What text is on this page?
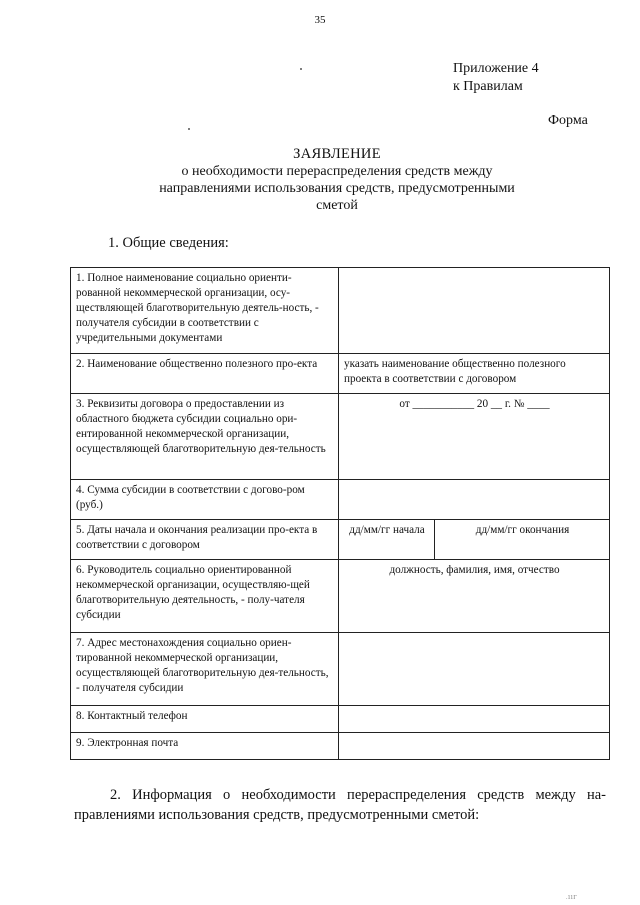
35
Приложение 4
к Правилам
Форма
ЗАЯВЛЕНИЕ
о необходимости перераспределения средств между
направлениями использования средств, предусмотренными
сметой
1. Общие сведения:
1. Полное наименование социально ориенти-рованной некоммерческой организации, осу-ществляющей благотворительную деятель-ность, - получателя субсидии в соответствии с учредительными документами		
2. Наименование общественно полезного про-екта	указать наименование общественно полезного проекта в соответствии с договором	
3. Реквизиты договора о предоставлении из областного бюджета субсидии социально ори-ентированной некоммерческой организации, осуществляющей благотворительную дея-тельность	от ___________ 20 __ г. № ____	
4. Сумма субсидии в соответствии с догово-ром (руб.)		
5. Даты начала и окончания реализации про-екта в соответствии с договором	дд/мм/гг начала	дд/мм/гг окончания
6. Руководитель социально ориентированной некоммерческой организации, осуществляю-щей благотворительную деятельность, - полу-чателя субсидии	должность, фамилия, имя, отчество	
7. Адрес местонахождения социально ориен-тированной некоммерческой организации, осуществляющей благотворительную дея-тельность, - получателя субсидии		
8. Контактный телефон		
9. Электронная почта		
2. Информация о необходимости перераспределения средств между на-правлениями использования средств, предусмотренными сметой:
.11Г
